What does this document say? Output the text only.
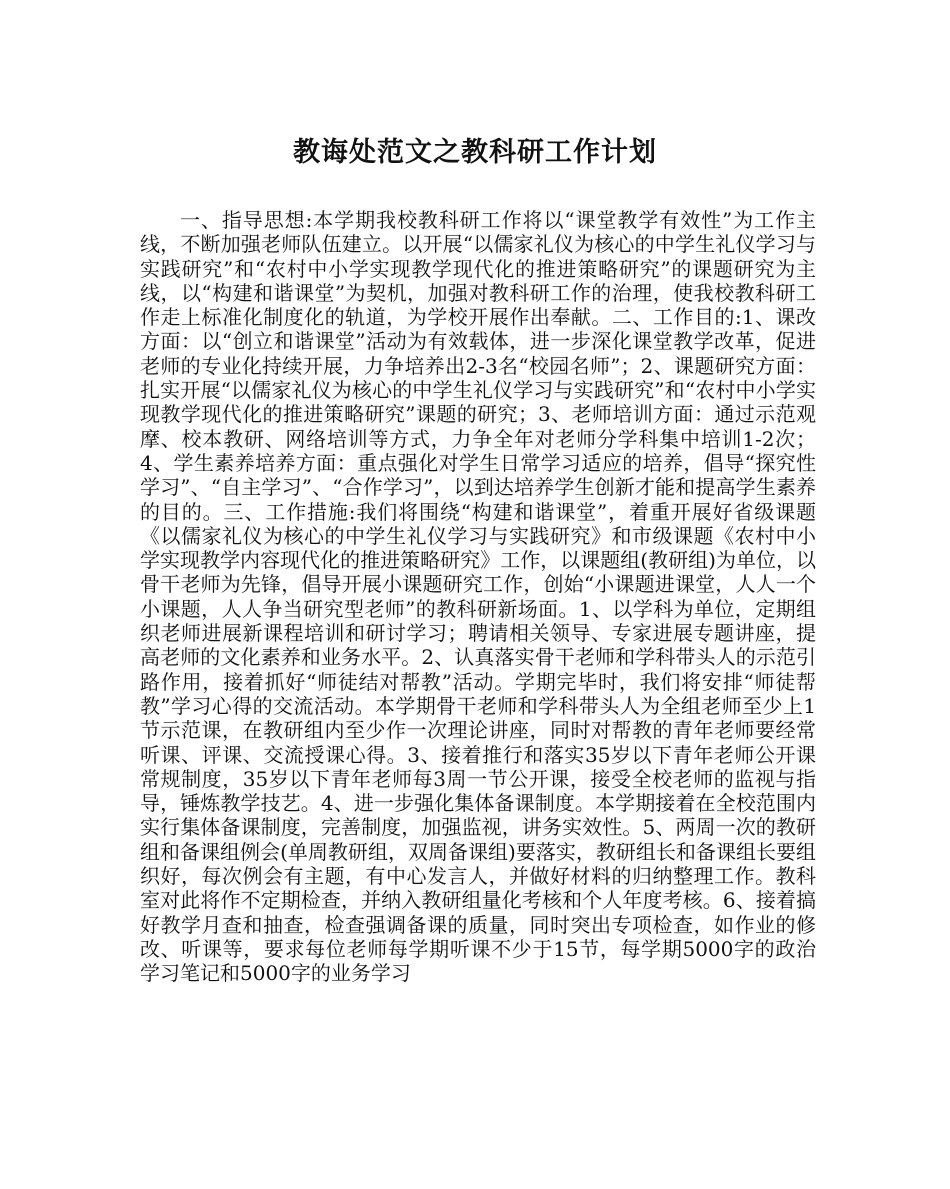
教诲处范文之教科研工作计划

一、指导思想:本学期我校教科研工作将以“课堂教学有效性”为工作主线，不断加强老师队伍建立。以开展“以儒家礼仪为核心的中学生礼仪学习与实践研究”和“农村中小学实现教学现代化的推进策略研究”的课题研究为主线，以“构建和谐课堂”为契机，加强对教科研工作的治理，使我校教科研工作走上标准化制度化的轨道，为学校开展作出奉献。二、工作目的:1、课改方面：以“创立和谐课堂”活动为有效载体，进一步深化课堂教学改革，促进老师的专业化持续开展，力争培养出2-3名“校园名师”；2、课题研究方面：扎实开展“以儒家礼仪为核心的中学生礼仪学习与实践研究”和“农村中小学实现教学现代化的推进策略研究”课题的研究；3、老师培训方面：通过示范观摩、校本教研、网络培训等方式，力争全年对老师分学科集中培训1-2次；4、学生素养培养方面：重点强化对学生日常学习适应的培养，倡导“探究性学习”、“自主学习”、“合作学习”，以到达培养学生创新才能和提高学生素养的目的。三、工作措施:我们将围绕“构建和谐课堂”，着重开展好省级课题《以儒家礼仪为核心的中学生礼仪学习与实践研究》和市级课题《农村中小学实现教学内容现代化的推进策略研究》工作，以课题组(教研组)为单位，以骨干老师为先锋，倡导开展小课题研究工作，创始“小课题进课堂，人人一个小课题，人人争当研究型老师”的教科研新场面。1、以学科为单位，定期组织老师进展新课程培训和研讨学习；聘请相关领导、专家进展专题讲座，提高老师的文化素养和业务水平。2、认真落实骨干老师和学科带头人的示范引路作用，接着抓好“师徒结对帮教”活动。学期完毕时，我们将安排“师徒帮教”学习心得的交流活动。本学期骨干老师和学科带头人为全组老师至少上1节示范课，在教研组内至少作一次理论讲座，同时对帮教的青年老师要经常听课、评课、交流授课心得。3、接着推行和落实35岁以下青年老师公开课常规制度，35岁以下青年老师每3周一节公开课，接受全校老师的监视与指导，锤炼教学技艺。4、进一步强化集体备课制度。本学期接着在全校范围内实行集体备课制度，完善制度，加强监视，讲务实效性。5、两周一次的教研组和备课组例会(单周教研组，双周备课组)要落实，教研组长和备课组长要组织好，每次例会有主题，有中心发言人，并做好材料的归纳整理工作。教科室对此将作不定期检查，并纳入教研组量化考核和个人年度考核。6、接着搞好教学月查和抽查，检查强调备课的质量，同时突出专项检查，如作业的修改、听课等，要求每位老师每学期听课不少于15节，每学期5000字的政治学习笔记和5000字的业务学习
